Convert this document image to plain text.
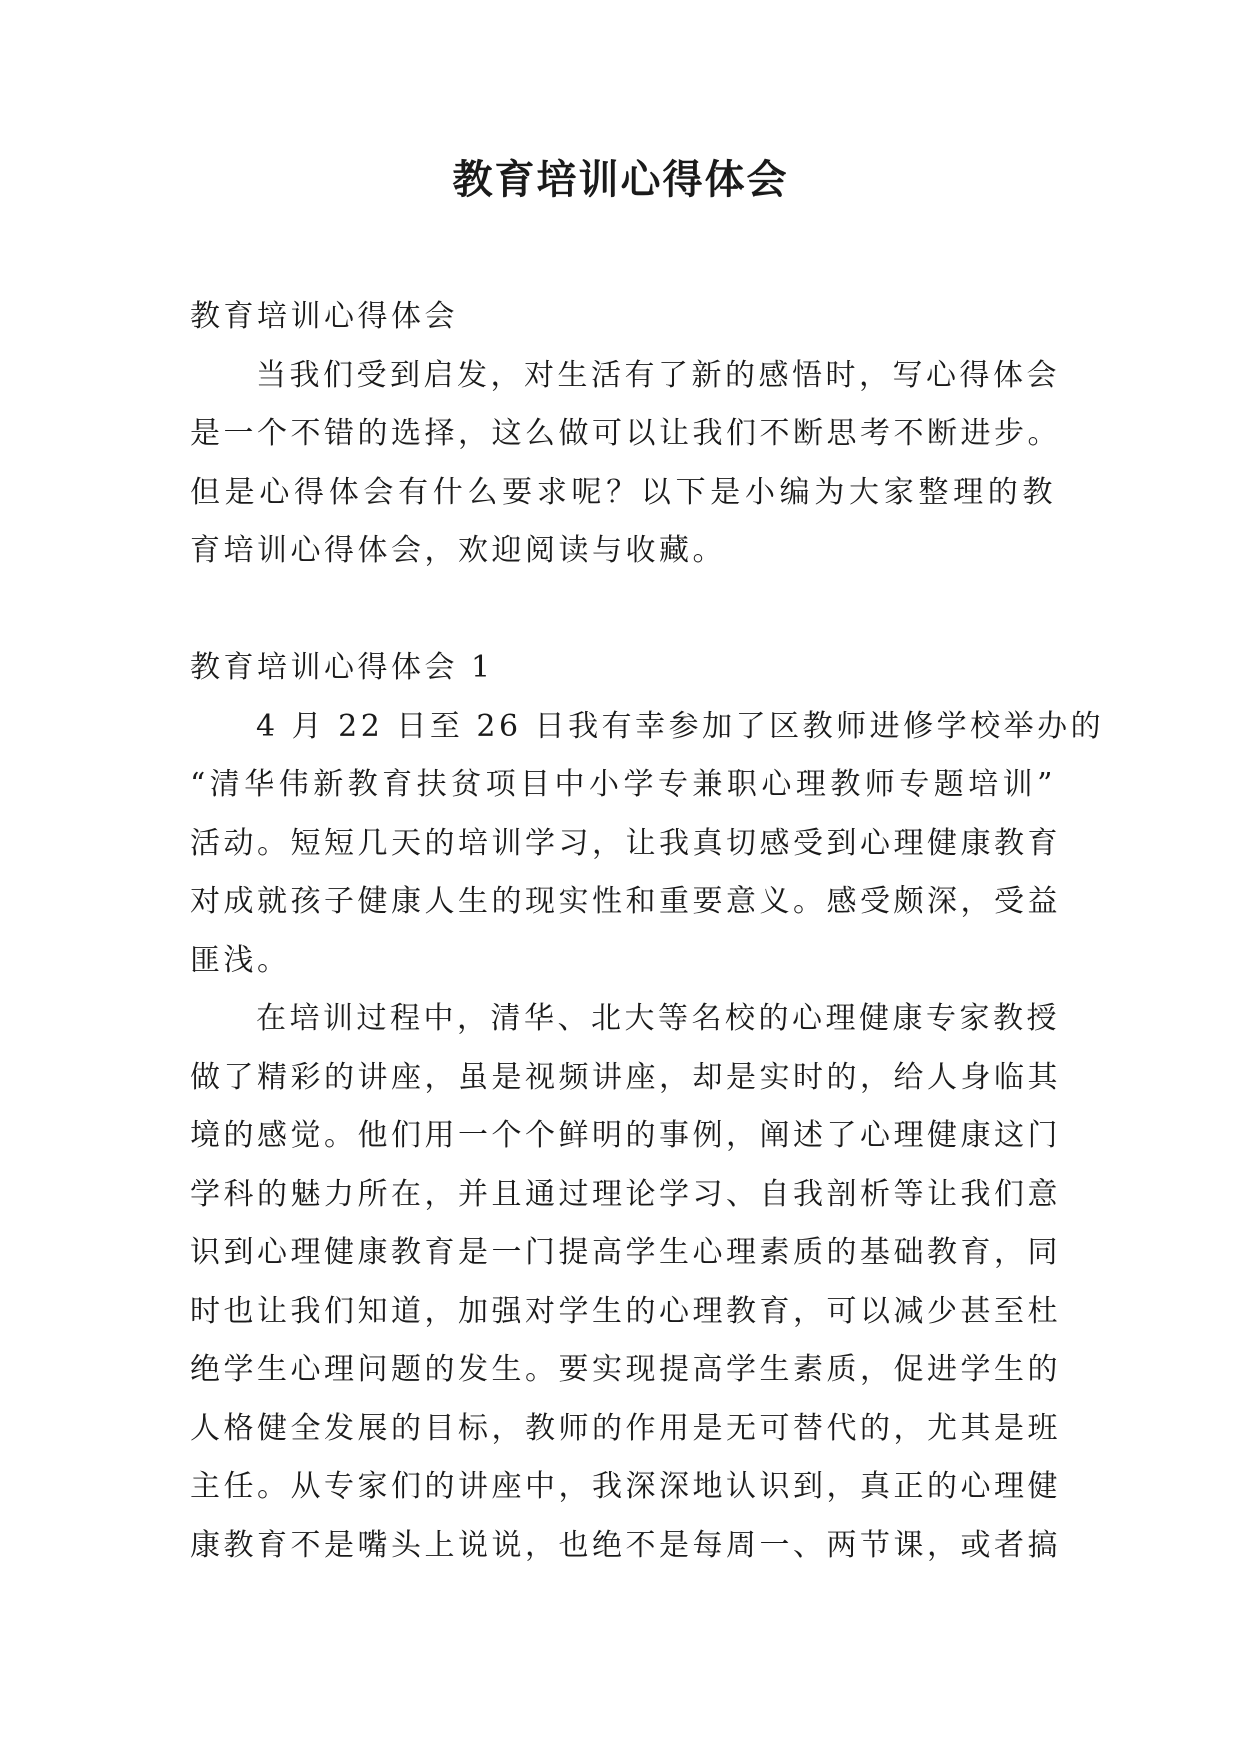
教育培训心得体会
教育培训心得体会
当我们受到启发，对生活有了新的感悟时，写心得体会
是一个不错的选择，这么做可以让我们不断思考不断进步。
但是心得体会有什么要求呢？以下是小编为大家整理的教
育培训心得体会，欢迎阅读与收藏。
教育培训心得体会 1
4 月 22 日至 26 日我有幸参加了区教师进修学校举办的
“清华伟新教育扶贫项目中小学专兼职心理教师专题培训”
活动。短短几天的培训学习，让我真切感受到心理健康教育
对成就孩子健康人生的现实性和重要意义。感受颇深，受益
匪浅。
在培训过程中，清华、北大等名校的心理健康专家教授
做了精彩的讲座，虽是视频讲座，却是实时的，给人身临其
境的感觉。他们用一个个鲜明的事例，阐述了心理健康这门
学科的魅力所在，并且通过理论学习、自我剖析等让我们意
识到心理健康教育是一门提高学生心理素质的基础教育，同
时也让我们知道，加强对学生的心理教育，可以减少甚至杜
绝学生心理问题的发生。要实现提高学生素质，促进学生的
人格健全发展的目标，教师的作用是无可替代的，尤其是班
主任。从专家们的讲座中，我深深地认识到，真正的心理健
康教育不是嘴头上说说，也绝不是每周一、两节课，或者搞
